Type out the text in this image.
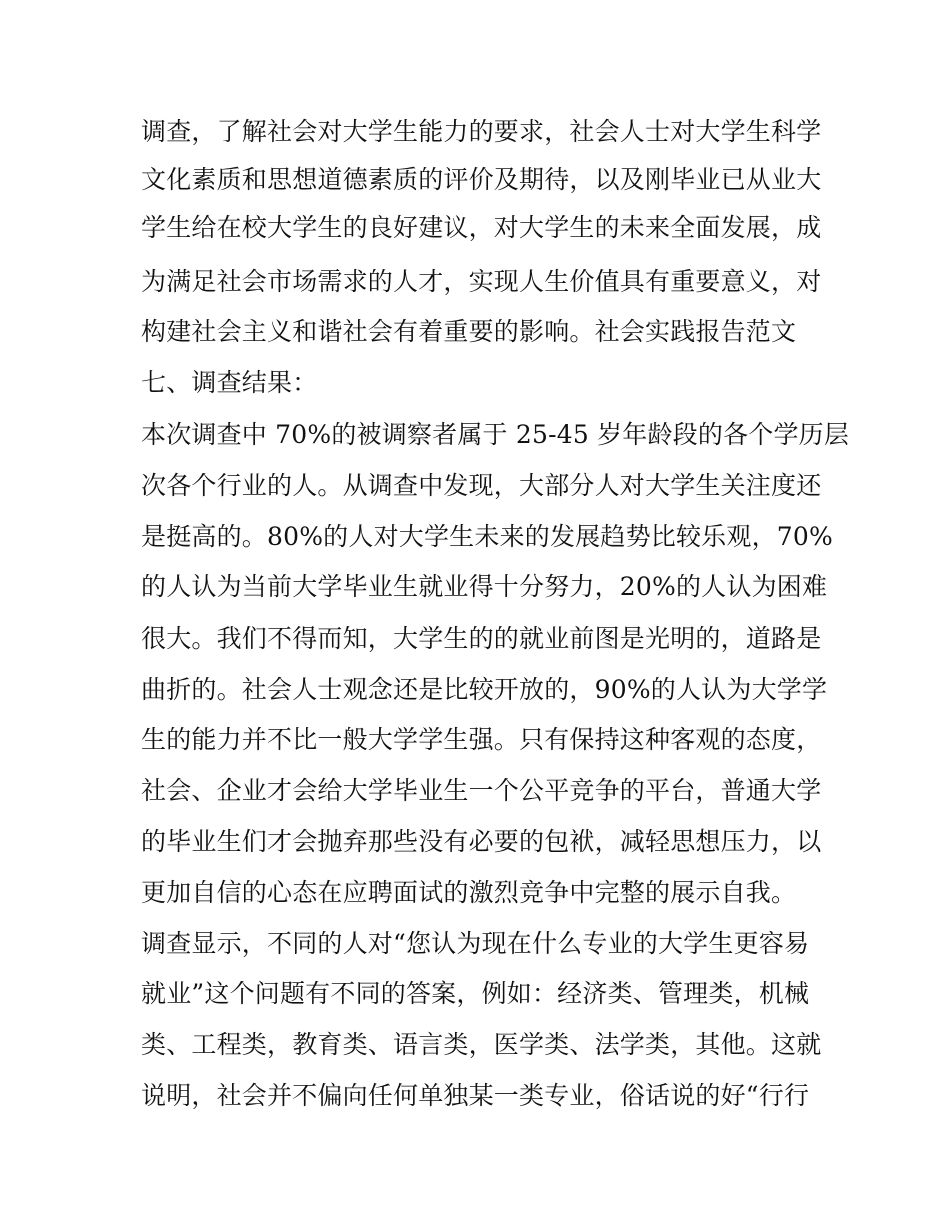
调查，了解社会对大学生能力的要求，社会人士对大学生科学
文化素质和思想道德素质的评价及期待，以及刚毕业已从业大
学生给在校大学生的良好建议，对大学生的未来全面发展，成
为满足社会市场需求的人才，实现人生价值具有重要意义，对
构建社会主义和谐社会有着重要的影响。社会实践报告范文
七、调查结果：
本次调查中 70%的被调察者属于 25-45 岁年龄段的各个学历层
次各个行业的人。从调查中发现，大部分人对大学生关注度还
是挺高的。80%的人对大学生未来的发展趋势比较乐观，70%
的人认为当前大学毕业生就业得十分努力，20%的人认为困难
很大。我们不得而知，大学生的的就业前图是光明的，道路是
曲折的。社会人士观念还是比较开放的，90%的人认为大学学
生的能力并不比一般大学学生强。只有保持这种客观的态度，
社会、企业才会给大学毕业生一个公平竞争的平台，普通大学
的毕业生们才会抛弃那些没有必要的包袱，减轻思想压力，以
更加自信的心态在应聘面试的激烈竞争中完整的展示自我。
调查显示，不同的人对“您认为现在什么专业的大学生更容易
就业”这个问题有不同的答案，例如：经济类、管理类，机械
类、工程类，教育类、语言类，医学类、法学类，其他。这就
说明，社会并不偏向任何单独某一类专业，俗话说的好“行行
